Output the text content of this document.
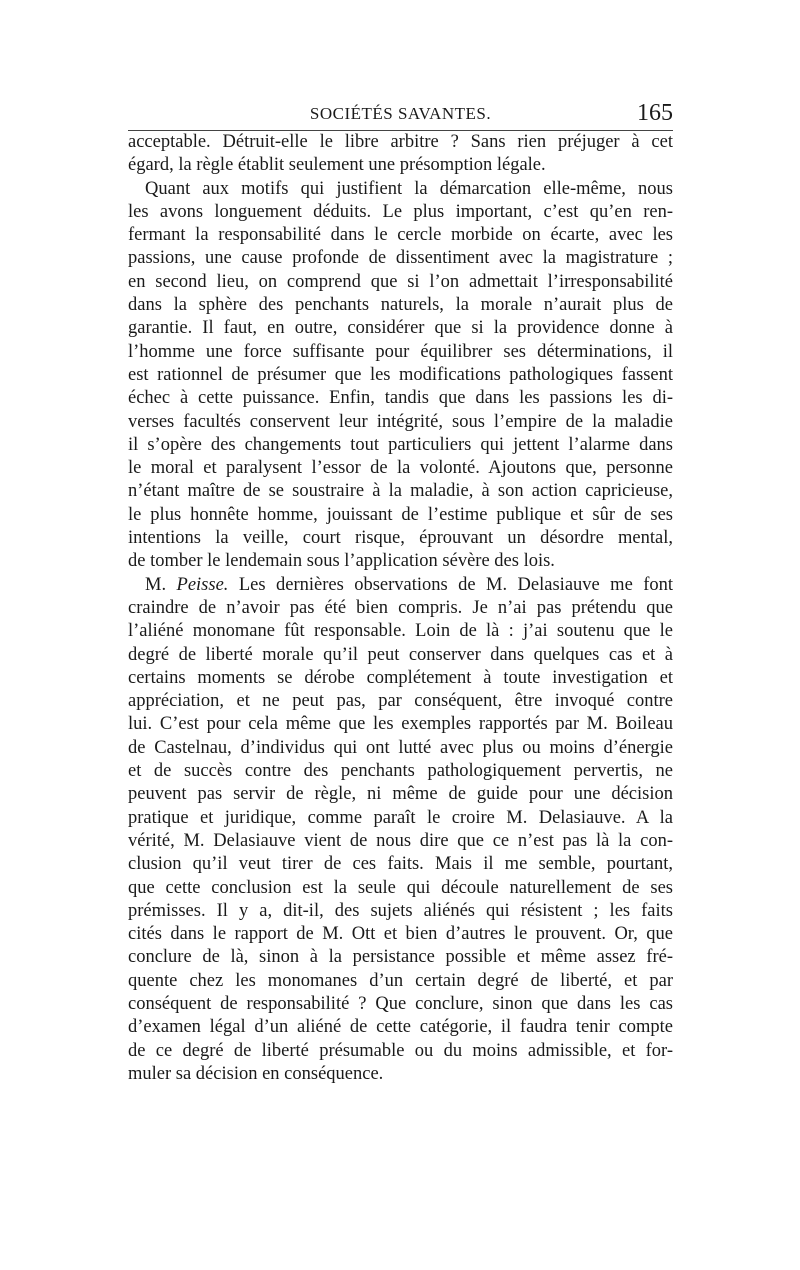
SOCIÉTÉS SAVANTES.	165
acceptable. Détruit-elle le libre arbitre ? Sans rien préjuger à cet
égard, la règle établit seulement une présomption légale.
Quant aux motifs qui justifient la démarcation elle-même, nous
les avons longuement déduits. Le plus important, c’est qu’en ren-
fermant la responsabilité dans le cercle morbide on écarte, avec les
passions, une cause profonde de dissentiment avec la magistrature ;
en second lieu, on comprend que si l’on admettait l’irresponsabilité
dans la sphère des penchants naturels, la morale n’aurait plus de
garantie. Il faut, en outre, considérer que si la providence donne à
l’homme une force suffisante pour équilibrer ses déterminations, il
est rationnel de présumer que les modifications pathologiques fassent
échec à cette puissance. Enfin, tandis que dans les passions les di-
verses facultés conservent leur intégrité, sous l’empire de la maladie
il s’opère des changements tout particuliers qui jettent l’alarme dans
le moral et paralysent l’essor de la volonté. Ajoutons que, personne
n’étant maître de se soustraire à la maladie, à son action capricieuse,
le plus honnête homme, jouissant de l’estime publique et sûr de ses
intentions la veille, court risque, éprouvant un désordre mental,
de tomber le lendemain sous l’application sévère des lois.
M. Peisse. Les dernières observations de M. Delasiauve me font
craindre de n’avoir pas été bien compris. Je n’ai pas prétendu que
l’aliéné monomane fût responsable. Loin de là : j’ai soutenu que le
degré de liberté morale qu’il peut conserver dans quelques cas et à
certains moments se dérobe complétement à toute investigation et
appréciation, et ne peut pas, par conséquent, être invoqué contre
lui. C’est pour cela même que les exemples rapportés par M. Boileau
de Castelnau, d’individus qui ont lutté avec plus ou moins d’énergie
et de succès contre des penchants pathologiquement pervertis, ne
peuvent pas servir de règle, ni même de guide pour une décision
pratique et juridique, comme paraît le croire M. Delasiauve. A la
vérité, M. Delasiauve vient de nous dire que ce n’est pas là la con-
clusion qu’il veut tirer de ces faits. Mais il me semble, pourtant,
que cette conclusion est la seule qui découle naturellement de ses
prémisses. Il y a, dit-il, des sujets aliénés qui résistent ; les faits
cités dans le rapport de M. Ott et bien d’autres le prouvent. Or, que
conclure de là, sinon à la persistance possible et même assez fré-
quente chez les monomanes d’un certain degré de liberté, et par
conséquent de responsabilité ? Que conclure, sinon que dans les cas
d’examen légal d’un aliéné de cette catégorie, il faudra tenir compte
de ce degré de liberté présumable ou du moins admissible, et for-
muler sa décision en conséquence.
